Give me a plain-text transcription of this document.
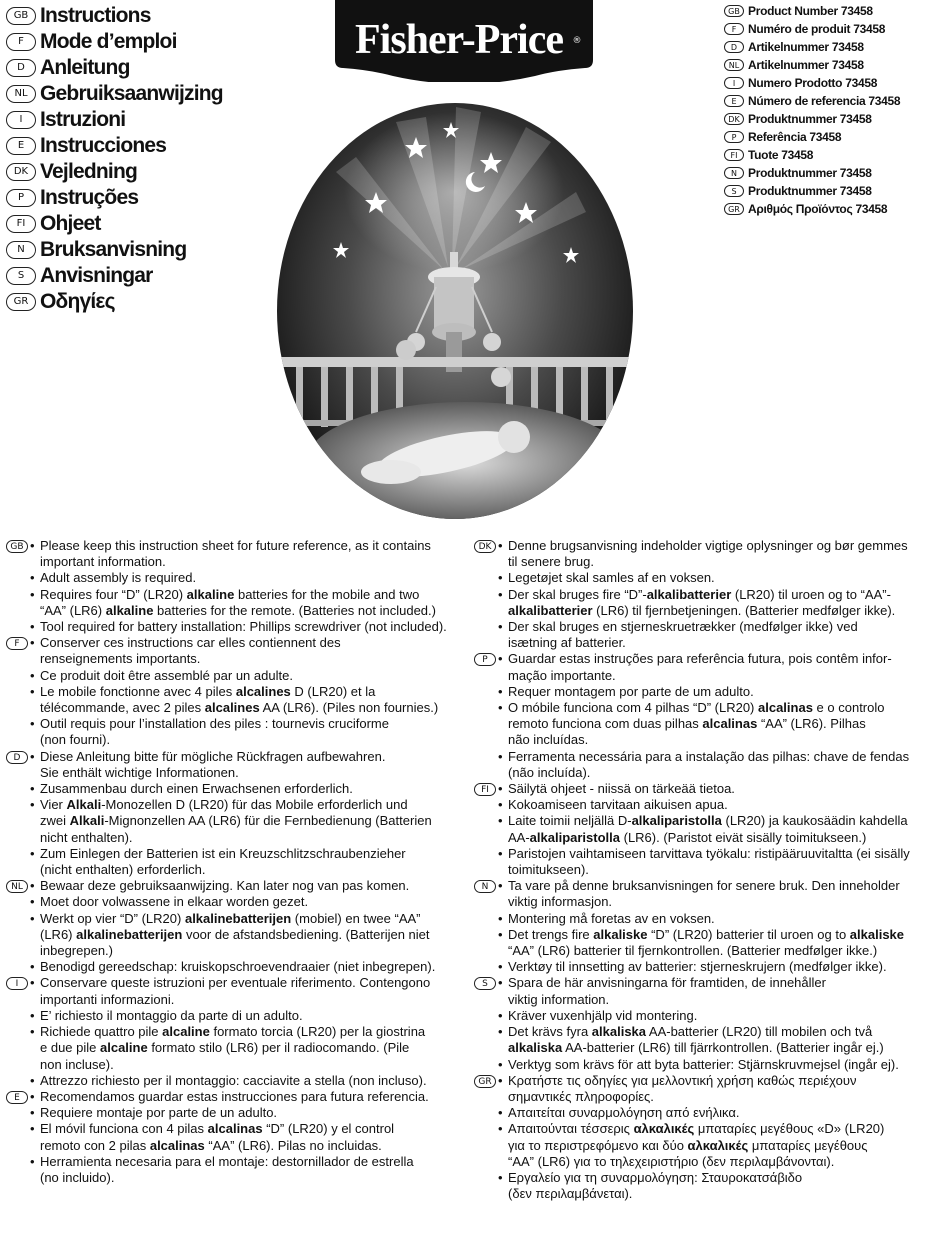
GB Instructions
F Mode d’emploi
D Anleitung
NL Gebruiksaanwijzing
I Istruzioni
E Instrucciones
DK Vejledning
P Instruções
FI Ohjeet
N Bruksanvisning
S Anvisningar
GR Οδηγίες
Fisher-Price ®
GB Product Number 73458
F Numéro de produit 73458
D Artikelnummer 73458
NL Artikelnummer 73458
I	Numero Prodotto 73458
E Número de referencia 73458
DK Produktnummer 73458
P Referência 73458
FI Tuote 73458
N Produktnummer 73458
S Produktnummer 73458
GR Αριθμός Προϊόντος 73458
GB	• Please keep this instruction sheet for future reference, as it contains
important information.
• Adult assembly is required.
• Requires four “D” (LR20) alkaline batteries for the mobile and two
“AA” (LR6) alkaline batteries for the remote. (Batteries not included.)
• Tool required for battery installation: Phillips screwdriver (not included).
F	• Conserver ces instructions car elles contiennent des
renseignements importants.
• Ce produit doit être assemblé par un adulte.
• Le mobile fonctionne avec 4 piles alcalines D (LR20) et la
télécommande, avec 2 piles alcalines AA (LR6). (Piles non fournies.)
• Outil requis pour l’installation des piles : tournevis cruciforme
(non fourni).
D	• Diese Anleitung bitte für mögliche Rückfragen aufbewahren.
Sie enthält wichtige Informationen.
• Zusammenbau durch einen Erwachsenen erforderlich.
• Vier Alkali-Monozellen D (LR20) für das Mobile erforderlich und
zwei Alkali-Mignonzellen AA (LR6) für die Fernbedienung (Batterien
nicht enthalten).
• Zum Einlegen der Batterien ist ein Kreuzschlitzschraubenzieher
(nicht enthalten) erforderlich.
NL	• Bewaar deze gebruiksaanwijzing. Kan later nog van pas komen.
• Moet door volwassene in elkaar worden gezet.
• Werkt op vier “D” (LR20) alkalinebatterijen (mobiel) en twee “AA”
(LR6) alkalinebatterijen voor de afstandsbediening. (Batterijen niet
inbegrepen.)
• Benodigd gereedschap: kruiskopschroevendraaier (niet inbegrepen).
I	• Conservare queste istruzioni per eventuale riferimento. Contengono
importanti informazioni.
• E’ richiesto il montaggio da parte di un adulto.
• Richiede quattro pile alcaline formato torcia (LR20) per la giostrina
e due pile alcaline formato stilo (LR6) per il radiocomando. (Pile
non incluse).
• Attrezzo richiesto per il montaggio: cacciavite a stella (non incluso).
E	• Recomendamos guardar estas instrucciones para futura referencia.
• Requiere montaje por parte de un adulto.
• El móvil funciona con 4 pilas alcalinas “D” (LR20) y el control
remoto con 2 pilas alcalinas “AA” (LR6). Pilas no incluidas.
• Herramienta necesaria para el montaje: destornillador de estrella
(no incluido).
DK	• Denne brugsanvisning indeholder vigtige oplysninger og bør gemmes
til senere brug.
• Legetøjet skal samles af en voksen.
• Der skal bruges fire “D”-alkalibatterier (LR20) til uroen og to “AA”-
alkalibatterier (LR6) til fjernbetjeningen. (Batterier medfølger ikke).
• Der skal bruges en stjerneskruetrækker (medfølger ikke) ved
isætning af batterier.
P	• Guardar estas instruções para referência futura, pois contêm infor-
mação importante.
• Requer montagem por parte de um adulto.
• O móbile funciona com 4 pilhas “D” (LR20) alcalinas e o controlo
remoto funciona com duas pilhas alcalinas “AA” (LR6). Pilhas
não incluídas.
• Ferramenta necessária para a instalação das pilhas: chave de fendas
(não incluída).
FI	• Säilytä ohjeet - niissä on tärkeää tietoa.
• Kokoamiseen tarvitaan aikuisen apua.
• Laite toimii neljällä D-alkaliparistolla (LR20) ja kaukosäädin kahdella
AA-alkaliparistolla (LR6). (Paristot eivät sisälly toimitukseen.)
• Paristojen vaihtamiseen tarvittava työkalu: ristipääruuvitaltta (ei sisälly
toimitukseen).
N	• Ta vare på denne bruksanvisningen for senere bruk. Den inneholder
viktig informasjon.
• Montering må foretas av en voksen.
• Det trengs fire alkaliske “D” (LR20) batterier til uroen og to alkaliske
“AA” (LR6) batterier til fjernkontrollen. (Batterier medfølger ikke.)
• Verktøy til innsetting av batterier: stjerneskrujern (medfølger ikke).
S	• Spara de här anvisningarna för framtiden, de innehåller
viktig information.
• Kräver vuxenhjälp vid montering.
• Det krävs fyra alkaliska AA-batterier (LR20) till mobilen och två
alkaliska AA-batterier (LR6) till fjärrkontrollen. (Batterier ingår ej.)
• Verktyg som krävs för att byta batterier: Stjärnskruvmejsel (ingår ej).
GR	• Κρατήστε τις οδηγίες για μελλοντική χρήση καθώς περιέχουν
σημαντικές πληροφορίες.
• Απαιτείται συναρμολόγηση από ενήλικα.
• Απαιτούνται τέσσερις αλκαλικές μπαταρίες μεγέθους «D» (LR20)
για το περιστρεφόμενο και δύο αλκαλικές μπαταρίες μεγέθους
“AA” (LR6) για το τηλεχειριστήριο (δεν περιλαμβάνονται).
• Εργαλείο για τη συναρμολόγηση: Σταυροκατσάβιδο
(δεν περιλαμβάνεται).
